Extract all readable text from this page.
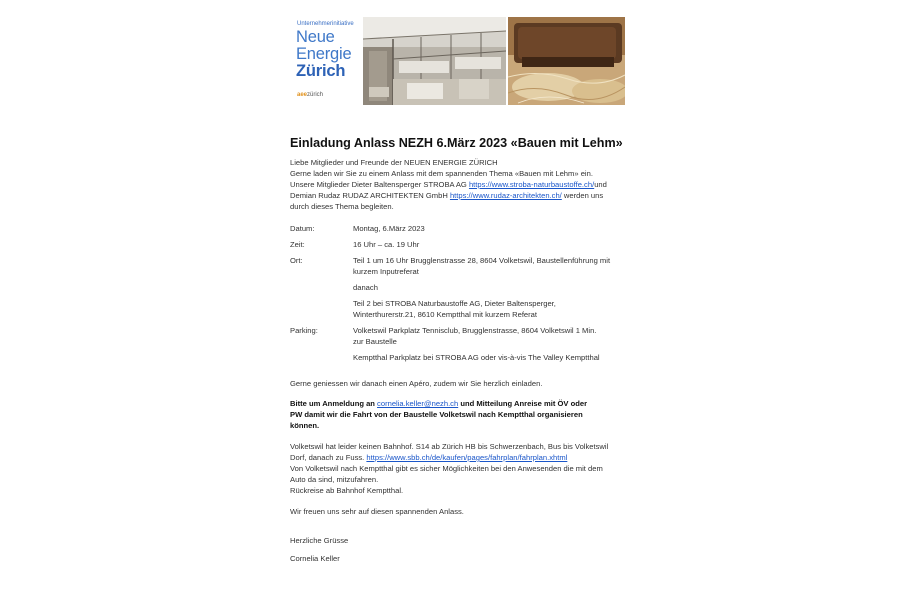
Unternehmerinitiative
Neue
Energie
Zürich
aeezürich
Einladung Anlass NEZH 6.März 2023 «Bauen mit Lehm»
Liebe Mitglieder und Freunde der NEUEN ENERGIE ZÜRICH
Gerne laden wir Sie zu einem Anlass mit dem spannenden Thema «Bauen mit Lehm» ein.
Unsere Mitglieder Dieter Baltensperger STROBA AG https://www.stroba-naturbaustoffe.ch/und
Demian Rudaz RUDAZ ARCHITEKTEN GmbH https://www.rudaz-architekten.ch/ werden uns
durch dieses Thema begleiten.
Datum:	Montag, 6.März 2023
Zeit:	16 Uhr – ca. 19 Uhr
Ort:	Teil 1 um 16 Uhr Brugglenstrasse 28, 8604 Volketswil, Baustellenführung mit
kurzem Inputreferat
danach
Teil 2 bei STROBA Naturbaustoffe AG, Dieter Baltensperger,
Winterthurerstr.21, 8610 Kemptthal mit kurzem Referat
Parking:	Volketswil Parkplatz Tennisclub, Brugglenstrasse, 8604 Volketswil 1 Min.
zur Baustelle
Kemptthal Parkplatz bei STROBA AG oder vis-à-vis The Valley Kemptthal
Gerne geniessen wir danach einen Apéro, zudem wir Sie herzlich einladen.
Bitte um Anmeldung an cornelia.keller@nezh.ch und Mitteilung Anreise mit ÖV oder
PW damit wir die Fahrt von der Baustelle Volketswil nach Kemptthal organisieren
können.
Volketswil hat leider keinen Bahnhof. S14 ab Zürich HB bis Schwerzenbach, Bus bis Volketswil
Dorf, danach zu Fuss. https://www.sbb.ch/de/kaufen/pages/fahrplan/fahrplan.xhtml
Von Volketswil nach Kemptthal gibt es sicher Möglichkeiten bei den Anwesenden die mit dem
Auto da sind, mitzufahren.
Rückreise ab Bahnhof Kemptthal.
Wir freuen uns sehr auf diesen spannenden Anlass.
Herzliche Grüsse
Cornelia Keller
